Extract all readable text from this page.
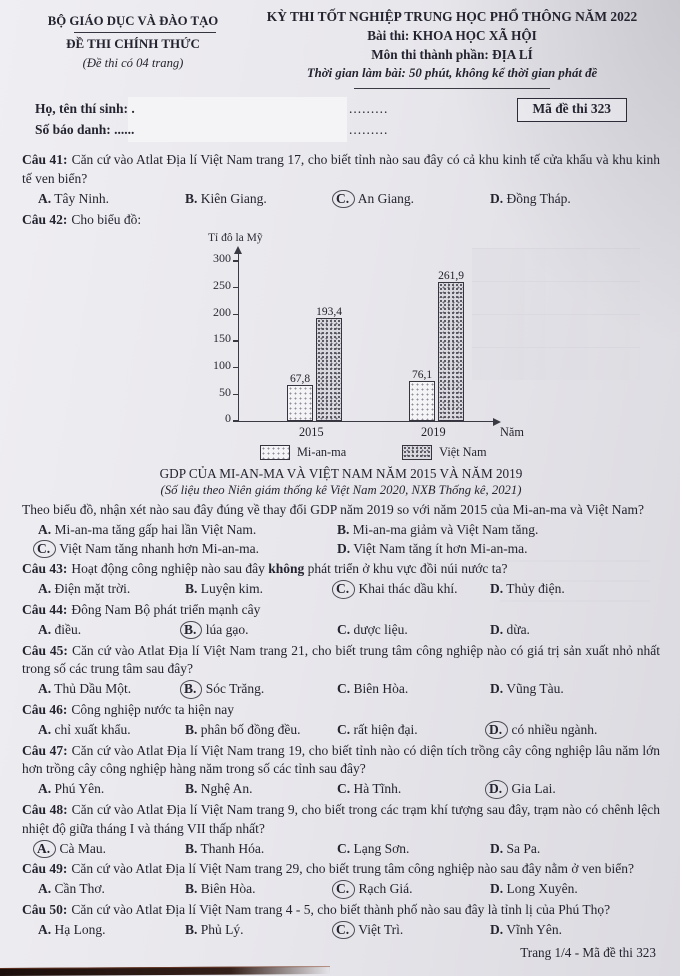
BỘ GIÁO DỤC VÀ ĐÀO TẠO
ĐỀ THI CHÍNH THỨC
(Đề thi có 04 trang)
KỲ THI TỐT NGHIỆP TRUNG HỌC PHỔ THÔNG NĂM 2022
Bài thi: KHOA HỌC XÃ HỘI
Môn thi thành phần: ĐỊA LÍ
Thời gian làm bài: 50 phút, không kể thời gian phát đề
Họ, tên thí sinh: .	.........
Số báo danh: ......	.........
Mã đề thi 323

Câu 41: Căn cứ vào Atlat Địa lí Việt Nam trang 17, cho biết tỉnh nào sau đây có cả khu kinh tế cửa khẩu và khu kinh tế ven biển?

A. Tây Ninh.	B. Kiên Giang.	C. An Giang.	D. Đồng Tháp.

Câu 42: Cho biểu đồ:

Tỉ đô la Mỹ
0
50
100
150
200
250
300
67,8
193,4
76,1
261,9
Năm
2015	2019
Mi-an-ma	Việt Nam

GDP CỦA MI-AN-MA VÀ VIỆT NAM NĂM 2015 VÀ NĂM 2019

(Số liệu theo Niên giám thống kê Việt Nam 2020, NXB Thống kê, 2021)

Theo biểu đồ, nhận xét nào sau đây đúng về thay đổi GDP năm 2019 so với năm 2015 của Mi-an-ma và Việt Nam?

A. Mi-an-ma tăng gấp hai lần Việt Nam.	B. Mi-an-ma giảm và Việt Nam tăng.
C. Việt Nam tăng nhanh hơn Mi-an-ma.	D. Việt Nam tăng ít hơn Mi-an-ma.

Câu 43: Hoạt động công nghiệp nào sau đây không phát triển ở khu vực đồi núi nước ta?

A. Điện mặt trời.	B. Luyện kim.	C. Khai thác dầu khí.	D. Thủy điện.

Câu 44: Đông Nam Bộ phát triển mạnh cây

A. điều.	B. lúa gạo.	C. dược liệu.	D. dừa.

Câu 45: Căn cứ vào Atlat Địa lí Việt Nam trang 21, cho biết trung tâm công nghiệp nào có giá trị sản xuất nhỏ nhất trong số các trung tâm sau đây?

A. Thủ Dầu Một.	B. Sóc Trăng.	C. Biên Hòa.	D. Vũng Tàu.

Câu 46: Công nghiệp nước ta hiện nay

A. chỉ xuất khẩu.	B. phân bố đồng đều.	C. rất hiện đại.	D. có nhiều ngành.

Câu 47: Căn cứ vào Atlat Địa lí Việt Nam trang 19, cho biết tỉnh nào có diện tích trồng cây công nghiệp lâu năm lớn hơn trồng cây công nghiệp hàng năm trong số các tỉnh sau đây?

A. Phú Yên.	B. Nghệ An.	C. Hà Tĩnh.	D. Gia Lai.

Câu 48: Căn cứ vào Atlat Địa lí Việt Nam trang 9, cho biết trong các trạm khí tượng sau đây, trạm nào có chênh lệch nhiệt độ giữa tháng I và tháng VII thấp nhất?

A. Cà Mau.	B. Thanh Hóa.	C. Lạng Sơn.	D. Sa Pa.

Câu 49: Căn cứ vào Atlat Địa lí Việt Nam trang 29, cho biết trung tâm công nghiệp nào sau đây nằm ở ven biển?

A. Cần Thơ.	B. Biên Hòa.	C. Rạch Giá.	D. Long Xuyên.

Câu 50: Căn cứ vào Atlat Địa lí Việt Nam trang 4 - 5, cho biết thành phố nào sau đây là tỉnh lị của Phú Thọ?

A. Hạ Long.	B. Phủ Lý.	C. Việt Trì.	D. Vĩnh Yên.
Trang 1/4 - Mã đề thi 323
